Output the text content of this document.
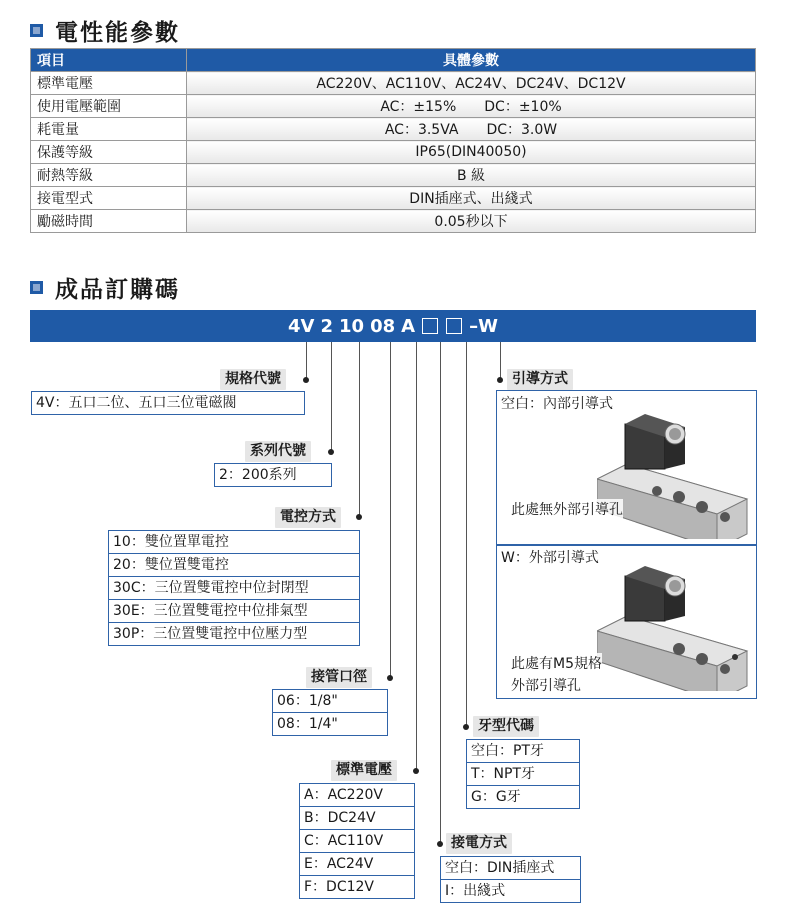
電性能參數
項目	具體參數
標準電壓	AC220V、AC110V、AC24V、DC24V、DC12V
使用電壓範圍	AC：±15%　　DC：±10%
耗電量	AC：3.5VA　　DC：3.0W
保護等級	IP65(DIN40050)
耐熱等級	B 級
接電型式	DIN插座式、出綫式
勵磁時間	0.05秒以下
成品訂購碼
4V 2 10 08 A	–W
規格代號
4V：五口二位、五口三位電磁閥
系列代號
2：200系列
電控方式
10：雙位置單電控
20：雙位置雙電控
30C：三位置雙電控中位封閉型
30E：三位置雙電控中位排氣型
30P：三位置雙電控中位壓力型
接管口徑
06：1/8"
08：1/4"
標準電壓
A：AC220V
B：DC24V
C：AC110V
E：AC24V
F：DC12V
接電方式
空白：DIN插座式
I：出綫式
牙型代碼
空白：PT牙
T：NPT牙
G：G牙
引導方式
空白：內部引導式
W：外部引導式
此處無外部引導孔
此處有M5規格
外部引導孔
